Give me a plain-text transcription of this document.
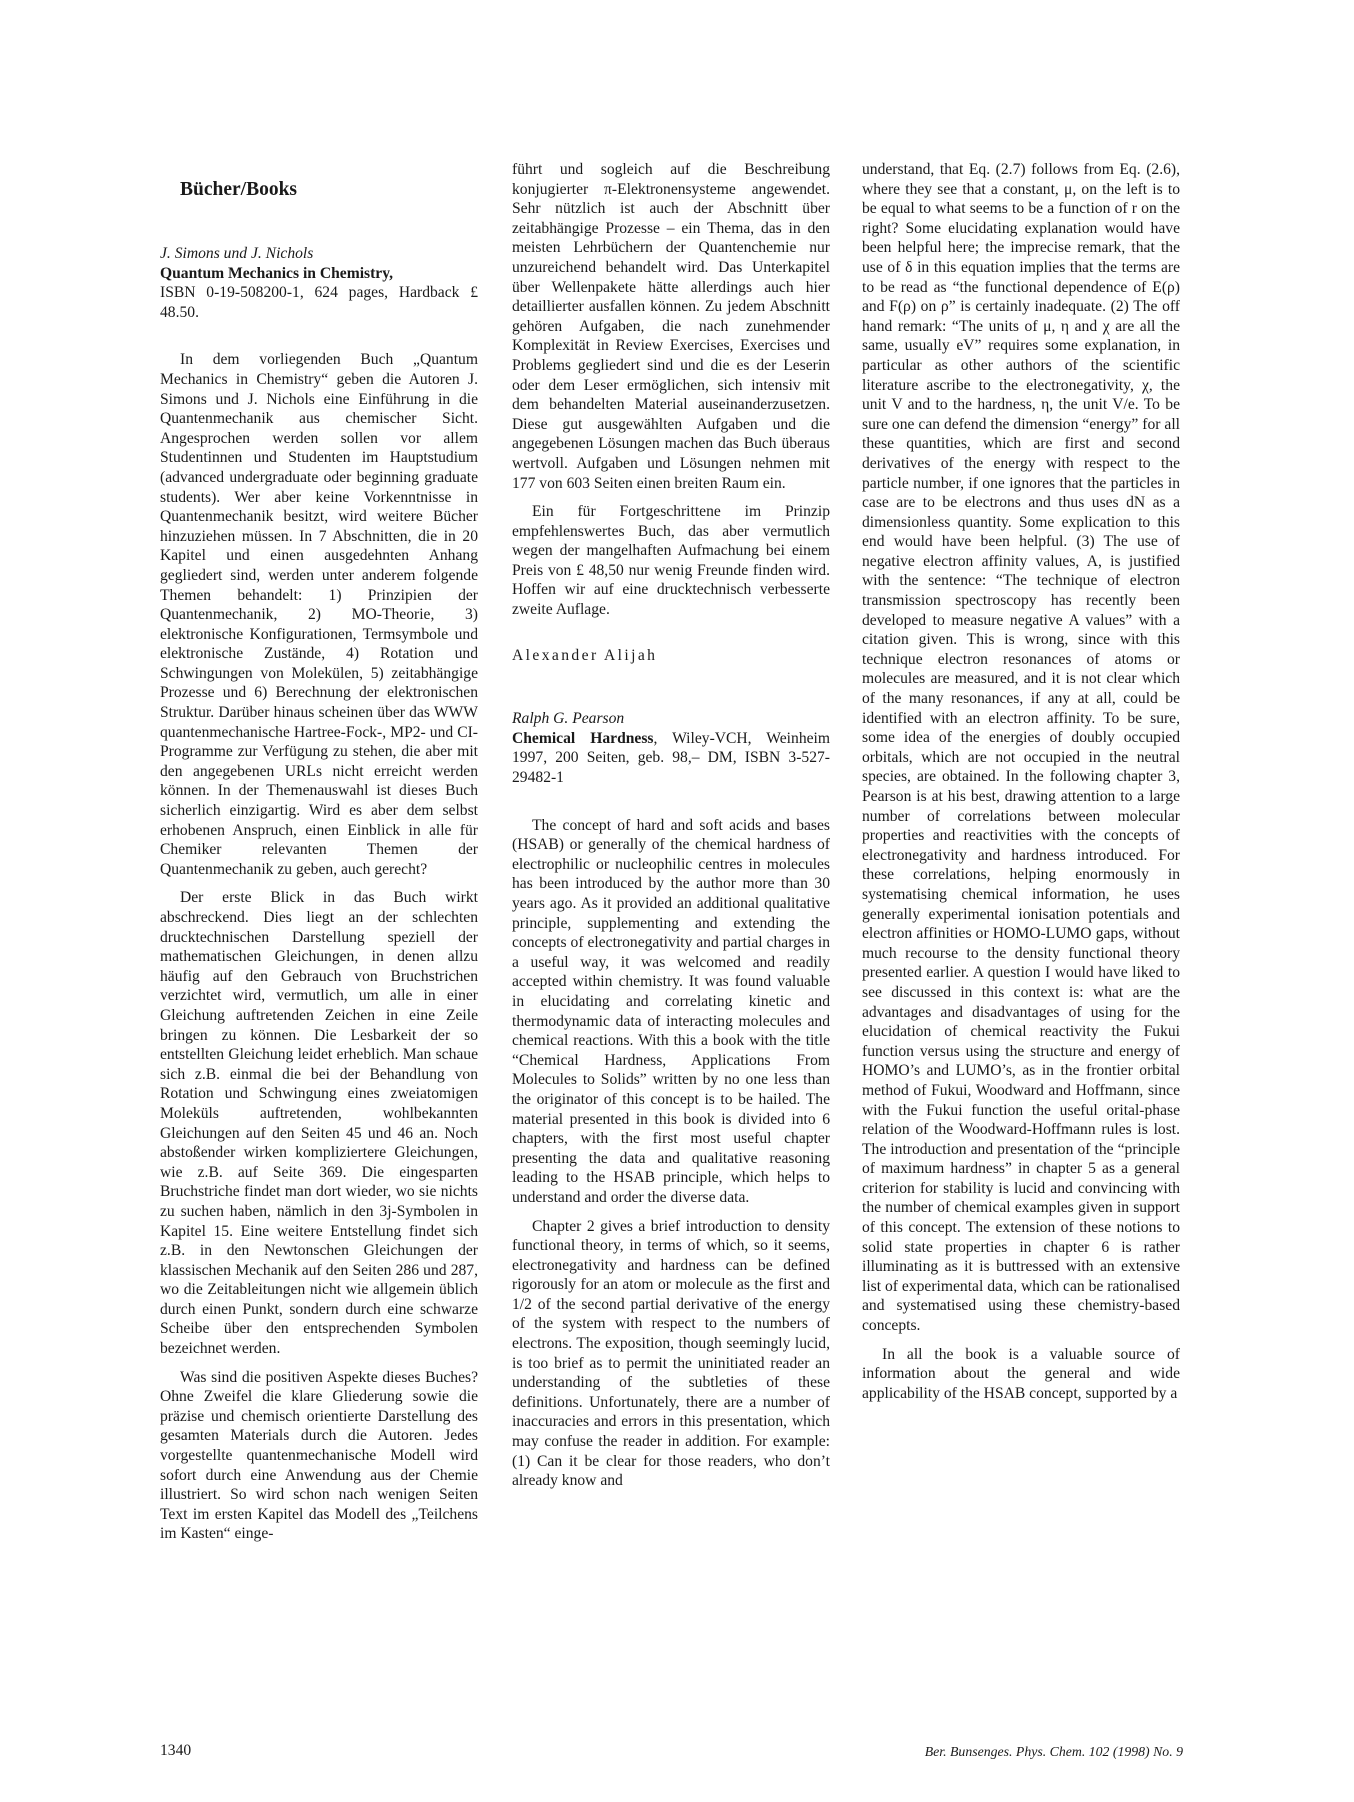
Bücher/Books

J. Simons und J. Nichols

Quantum Mechanics in Chemistry,

ISBN 0-19-508200-1, 624 pages, Hardback £ 48.50.

In dem vorliegenden Buch „Quantum Mechanics in Chemistry“ geben die Autoren J. Simons und J. Nichols eine Einführung in die Quantenmechanik aus chemischer Sicht. Angesprochen werden sollen vor allem Studentinnen und Studenten im Hauptstudium (advanced undergraduate oder beginning graduate students). Wer aber keine Vorkenntnisse in Quantenmechanik besitzt, wird weitere Bücher hinzuziehen müssen. In 7 Abschnitten, die in 20 Kapitel und einen ausgedehnten Anhang gegliedert sind, werden unter anderem folgende Themen behandelt: 1) Prinzipien der Quantenmechanik, 2) MO-Theorie, 3) elektronische Konfigurationen, Termsymbole und elektronische Zustände, 4) Rotation und Schwingungen von Molekülen, 5) zeitabhängige Prozesse und 6) Berechnung der elektronischen Struktur. Darüber hinaus scheinen über das WWW quantenmechanische Hartree-Fock-, MP2- und CI-Programme zur Verfügung zu stehen, die aber mit den angegebenen URLs nicht erreicht werden können. In der Themenauswahl ist dieses Buch sicherlich einzigartig. Wird es aber dem selbst erhobenen Anspruch, einen Einblick in alle für Chemiker relevanten Themen der Quantenmechanik zu geben, auch gerecht?

Der erste Blick in das Buch wirkt abschreckend. Dies liegt an der schlechten drucktechnischen Darstellung speziell der mathematischen Gleichungen, in denen allzu häufig auf den Gebrauch von Bruchstrichen verzichtet wird, vermutlich, um alle in einer Gleichung auftretenden Zeichen in eine Zeile bringen zu können. Die Lesbarkeit der so entstellten Gleichung leidet erheblich. Man schaue sich z.B. einmal die bei der Behandlung von Rotation und Schwingung eines zweiatomigen Moleküls auftretenden, wohlbekannten Gleichungen auf den Seiten 45 und 46 an. Noch abstoßender wirken kompliziertere Gleichungen, wie z.B. auf Seite 369. Die eingesparten Bruchstriche findet man dort wieder, wo sie nichts zu suchen haben, nämlich in den 3j-Symbolen in Kapitel 15. Eine weitere Entstellung findet sich z.B. in den Newtonschen Gleichungen der klassischen Mechanik auf den Seiten 286 und 287, wo die Zeitableitungen nicht wie allgemein üblich durch einen Punkt, sondern durch eine schwarze Scheibe über den entsprechenden Symbolen bezeichnet werden.

Was sind die positiven Aspekte dieses Buches? Ohne Zweifel die klare Gliederung sowie die präzise und chemisch orientierte Darstellung des gesamten Materials durch die Autoren. Jedes vorgestellte quantenmechanische Modell wird sofort durch eine Anwendung aus der Chemie illustriert. So wird schon nach wenigen Seiten Text im ersten Kapitel das Modell des „Teilchens im Kasten“ einge-

führt und sogleich auf die Beschreibung konjugierter π-Elektronensysteme angewendet. Sehr nützlich ist auch der Abschnitt über zeitabhängige Prozesse – ein Thema, das in den meisten Lehrbüchern der Quantenchemie nur unzureichend behandelt wird. Das Unterkapitel über Wellenpakete hätte allerdings auch hier detaillierter ausfallen können. Zu jedem Abschnitt gehören Aufgaben, die nach zunehmender Komplexität in Review Exercises, Exercises und Problems gegliedert sind und die es der Leserin oder dem Leser ermöglichen, sich intensiv mit dem behandelten Material auseinanderzusetzen. Diese gut ausgewählten Aufgaben und die angegebenen Lösungen machen das Buch überaus wertvoll. Aufgaben und Lösungen nehmen mit 177 von 603 Seiten einen breiten Raum ein.

Ein für Fortgeschrittene im Prinzip empfehlenswertes Buch, das aber vermutlich wegen der mangelhaften Aufmachung bei einem Preis von £ 48,50 nur wenig Freunde finden wird. Hoffen wir auf eine drucktechnisch verbesserte zweite Auflage.

Alexander Alijah

Ralph G. Pearson

Chemical Hardness, Wiley-VCH, Weinheim 1997, 200 Seiten, geb. 98,– DM, ISBN 3-527-29482-1

The concept of hard and soft acids and bases (HSAB) or generally of the chemical hardness of electrophilic or nucleophilic centres in molecules has been introduced by the author more than 30 years ago. As it provided an additional qualitative principle, supplementing and extending the concepts of electronegativity and partial charges in a useful way, it was welcomed and readily accepted within chemistry. It was found valuable in elucidating and correlating kinetic and thermodynamic data of interacting molecules and chemical reactions. With this a book with the title “Chemical Hardness, Applications From Molecules to Solids” written by no one less than the originator of this concept is to be hailed. The material presented in this book is divided into 6 chapters, with the first most useful chapter presenting the data and qualitative reasoning leading to the HSAB principle, which helps to understand and order the diverse data.

Chapter 2 gives a brief introduction to density functional theory, in terms of which, so it seems, electronegativity and hardness can be defined rigorously for an atom or molecule as the first and 1/2 of the second partial derivative of the energy of the system with respect to the numbers of electrons. The exposition, though seemingly lucid, is too brief as to permit the uninitiated reader an understanding of the subtleties of these definitions. Unfortunately, there are a number of inaccuracies and errors in this presentation, which may confuse the reader in addition. For example: (1) Can it be clear for those readers, who don’t already know and

understand, that Eq. (2.7) follows from Eq. (2.6), where they see that a constant, μ, on the left is to be equal to what seems to be a function of r on the right? Some elucidating explanation would have been helpful here; the imprecise remark, that the use of δ in this equation implies that the terms are to be read as “the functional dependence of E(ρ) and F(ρ) on ρ” is certainly inadequate. (2) The off hand remark: “The units of μ, η and χ are all the same, usually eV” requires some explanation, in particular as other authors of the scientific literature ascribe to the electronegativity, χ, the unit V and to the hardness, η, the unit V/e. To be sure one can defend the dimension “energy” for all these quantities, which are first and second derivatives of the energy with respect to the particle number, if one ignores that the particles in case are to be electrons and thus uses dN as a dimensionless quantity. Some explication to this end would have been helpful. (3) The use of negative electron affinity values, A, is justified with the sentence: “The technique of electron transmission spectroscopy has recently been developed to measure negative A values” with a citation given. This is wrong, since with this technique electron resonances of atoms or molecules are measured, and it is not clear which of the many resonances, if any at all, could be identified with an electron affinity. To be sure, some idea of the energies of doubly occupied orbitals, which are not occupied in the neutral species, are obtained. In the following chapter 3, Pearson is at his best, drawing attention to a large number of correlations between molecular properties and reactivities with the concepts of electronegativity and hardness introduced. For these correlations, helping enormously in systematising chemical information, he uses generally experimental ionisation potentials and electron affinities or HOMO-LUMO gaps, without much recourse to the density functional theory presented earlier. A question I would have liked to see discussed in this context is: what are the advantages and disadvantages of using for the elucidation of chemical reactivity the Fukui function versus using the structure and energy of HOMO’s and LUMO’s, as in the frontier orbital method of Fukui, Woodward and Hoffmann, since with the Fukui function the useful orital-phase relation of the Woodward-Hoffmann rules is lost. The introduction and presentation of the “principle of maximum hardness” in chapter 5 as a general criterion for stability is lucid and convincing with the number of chemical examples given in support of this concept. The extension of these notions to solid state properties in chapter 6 is rather illuminating as it is buttressed with an extensive list of experimental data, which can be rationalised and systematised using these chemistry-based concepts.

In all the book is a valuable source of information about the general and wide applicability of the HSAB concept, supported by a

1340	Ber. Bunsenges. Phys. Chem. 102 (1998) No. 9
